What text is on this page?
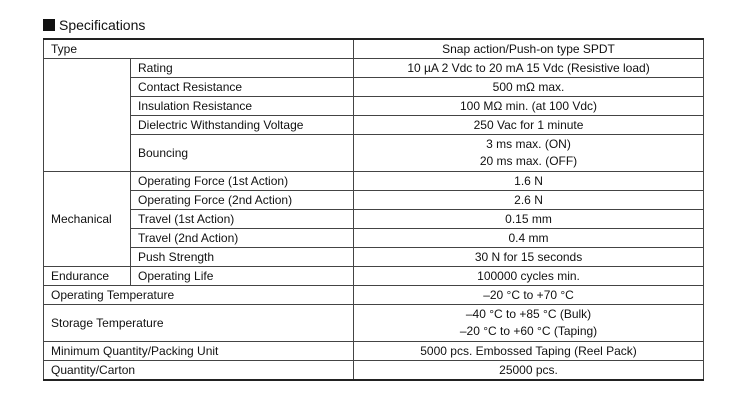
Specifications
Type		Snap action/Push-on type SPDT
	Rating	10 µA 2 Vdc to 20 mA 15 Vdc (Resistive load)
	Contact Resistance	500 mΩ max.
	Insulation Resistance	100 MΩ min. (at 100 Vdc)
	Dielectric Withstanding Voltage	250 Vac for 1 minute
	Bouncing	3 ms max. (ON)
20 ms max. (OFF)

Mechanical	Operating Force (1st Action)	1.6 N
	Operating Force (2nd Action)	2.6 N
	Travel (1st Action)	0.15 mm
	Travel (2nd Action)	0.4 mm
	Push Strength	30 N for 15 seconds
Endurance	Operating Life	100000 cycles min.
Operating Temperature		–20 °C to +70 °C
Storage Temperature		–40 °C to +85 °C (Bulk)
–20 °C to +60 °C (Taping)

Minimum Quantity/Packing Unit		5000 pcs. Embossed Taping (Reel Pack)
Quantity/Carton		25000 pcs.
